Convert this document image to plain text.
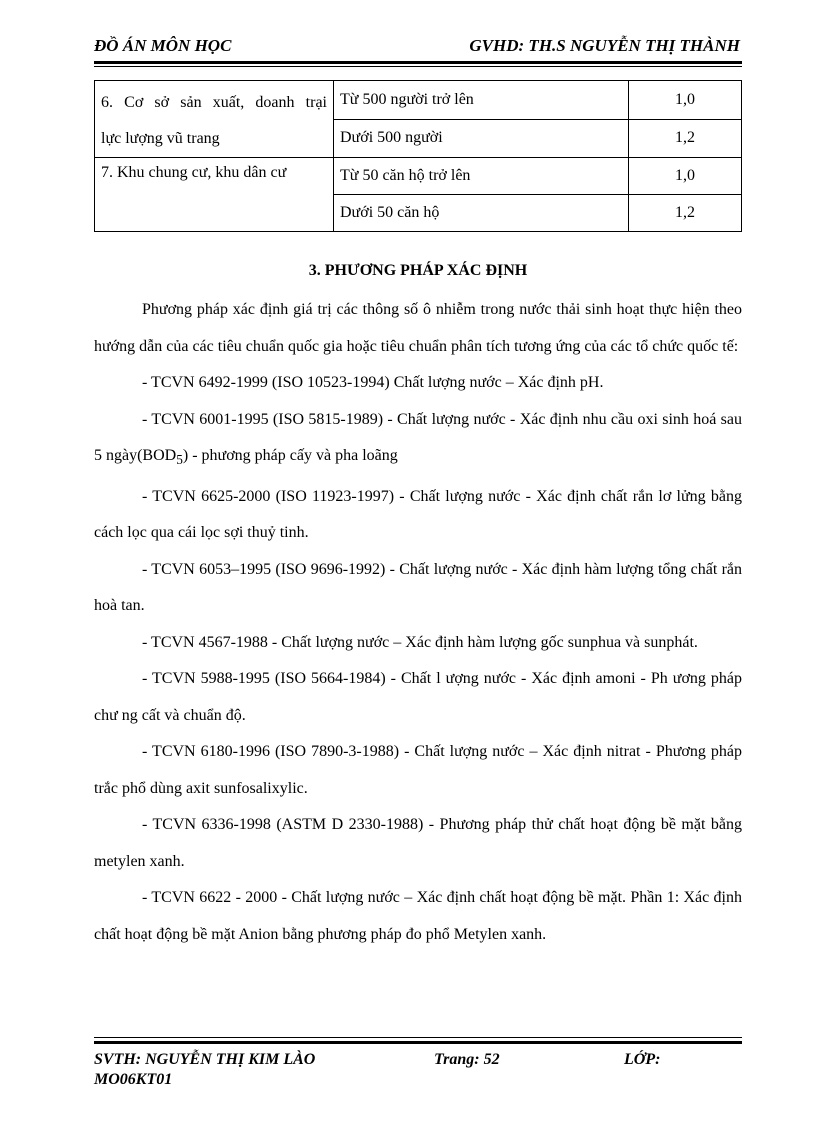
ĐỒ ÁN MÔN HỌC	GVHD: TH.S NGUYỄN THỊ THÀNH
6. Cơ sở sản xuất, doanh trại
lực lượng vũ trang	Từ 500 người trở lên	1,0
	Dưới 500 người	1,2

7. Khu chung cư, khu dân cư	Từ 50 căn hộ trở lên	1,0
	Dưới 50 căn hộ	1,2
3. PHƯƠNG PHÁP XÁC ĐỊNH

Phương pháp xác định giá trị các thông số ô nhiễm trong nước thải sinh hoạt thực hiện theo hướng dẫn của các tiêu chuẩn quốc gia hoặc tiêu chuẩn phân tích tương ứng của các tổ chức quốc tế:

- TCVN 6492-1999 (ISO 10523-1994) Chất lượng nước – Xác định pH.

- TCVN 6001-1995 (ISO 5815-1989) - Chất lượng nước - Xác định nhu cầu oxi sinh hoá sau 5 $ngày(BOD_5)$ - phương pháp cấy và pha loãng

- TCVN 6625-2000 (ISO 11923-1997) - Chất lượng nước - Xác định chất rắn lơ lửng bằng cách lọc qua cái lọc sợi thuỷ tinh.

- TCVN 6053–1995 (ISO 9696-1992) - Chất lượng nước - Xác định hàm lượng tổng chất rắn hoà tan.

- TCVN 4567-1988 - Chất lượng nước – Xác định hàm lượng gốc sunphua và sunphát.

- TCVN 5988-1995 (ISO 5664-1984) - Chất l ượng nước - Xác định amoni - Ph ương pháp chư ng cất và chuẩn độ.

- TCVN 6180-1996 (ISO 7890-3-1988) - Chất lượng nước – Xác định nitrat - Phương pháp trắc phổ dùng axit sunfosalixylic.

- TCVN 6336-1998 (ASTM D 2330-1988) - Phương pháp thử chất hoạt động bề mặt bằng metylen xanh.

- TCVN 6622 - 2000 - Chất lượng nước – Xác định chất hoạt động bề mặt. Phần 1: Xác định chất hoạt động bề mặt Anion bằng phương pháp đo phổ Metylen xanh.

SVTH: NGUYỄN THỊ KIM LÀO	Trang: 52	LỚP:
MO06KT01
